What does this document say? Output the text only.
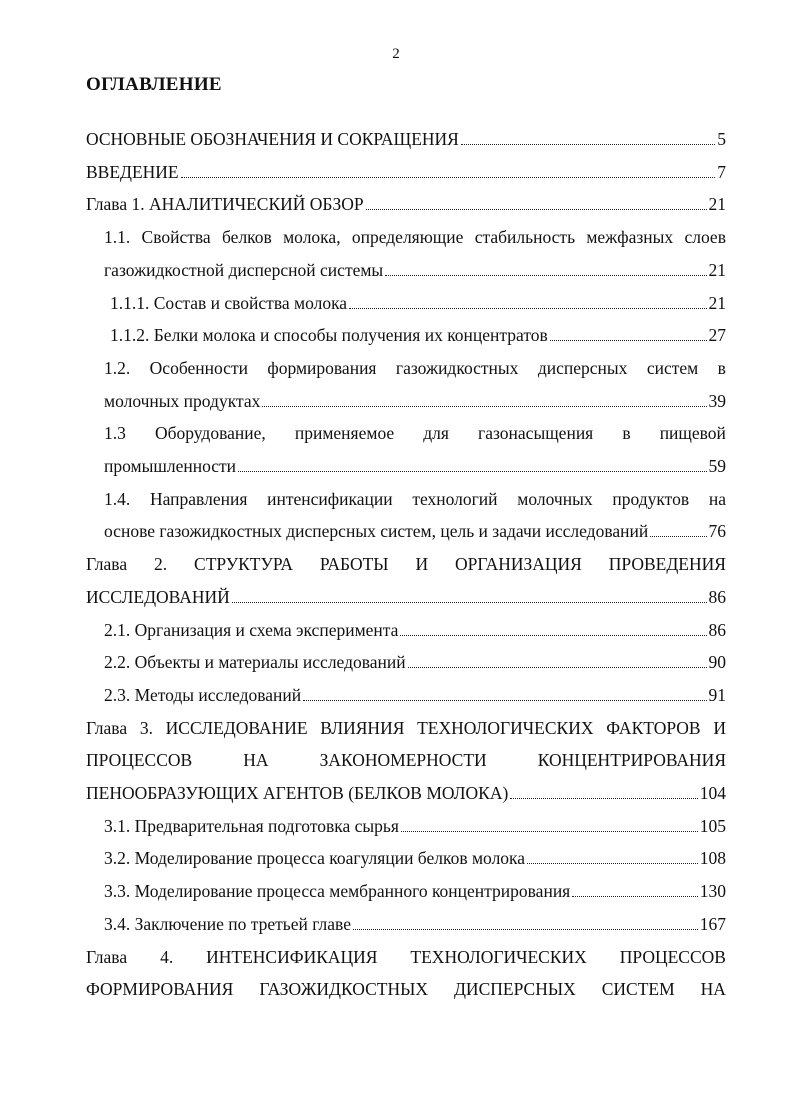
2
ОГЛАВЛЕНИЕ
ОСНОВНЫЕ ОБОЗНАЧЕНИЯ И СОКРАЩЕНИЯ	5
ВВЕДЕНИЕ	7
Глава 1. АНАЛИТИЧЕСКИЙ ОБЗОР	21
1.1. Свойства белков молока, определяющие стабильность межфазных слоев
газожидкостной дисперсной системы	21
1.1.1. Состав и свойства молока	21
1.1.2. Белки молока и способы получения их концентратов	27
1.2. Особенности формирования газожидкостных дисперсных систем в
молочных продуктах	39
1.3 Оборудование, применяемое для газонасыщения в пищевой
промышленности	59
1.4. Направления интенсификации технологий молочных продуктов на
основе газожидкостных дисперсных систем, цель и задачи исследований	76
Глава 2. СТРУКТУРА РАБОТЫ И ОРГАНИЗАЦИЯ ПРОВЕДЕНИЯ
ИССЛЕДОВАНИЙ	86
2.1. Организация и схема эксперимента	86
2.2. Объекты и материалы исследований	90
2.3. Методы исследований	91
Глава 3. ИССЛЕДОВАНИЕ ВЛИЯНИЯ ТЕХНОЛОГИЧЕСКИХ ФАКТОРОВ И
ПРОЦЕССОВ	НА	ЗАКОНОМЕРНОСТИ	КОНЦЕНТРИРОВАНИЯ
ПЕНООБРАЗУЮЩИХ АГЕНТОВ (БЕЛКОВ МОЛОКА)	104
3.1. Предварительная подготовка сырья	105
3.2. Моделирование процесса коагуляции белков молока	108
3.3. Моделирование процесса мембранного концентрирования	130
3.4. Заключение по третьей главе	167
Глава 4. ИНТЕНСИФИКАЦИЯ ТЕХНОЛОГИЧЕСКИХ ПРОЦЕССОВ
ФОРМИРОВАНИЯ ГАЗОЖИДКОСТНЫХ ДИСПЕРСНЫХ СИСТЕМ НА
